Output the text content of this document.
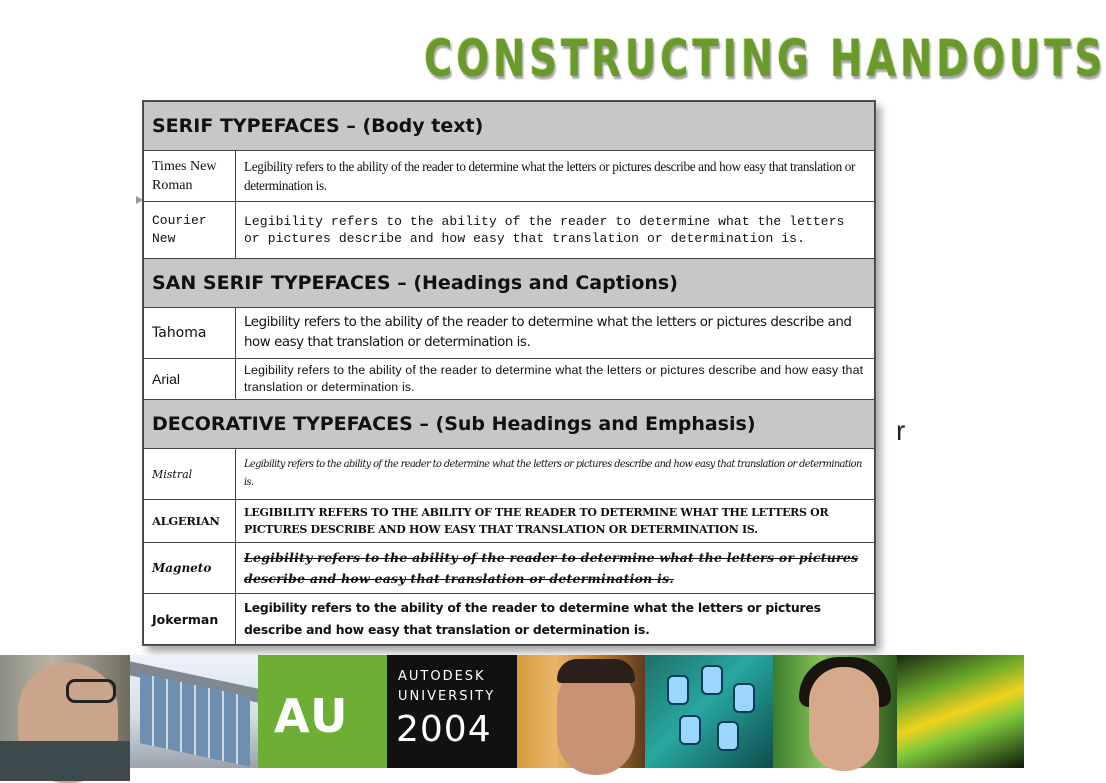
CONSTRUCTING HANDOUTS
r
SERIF TYPEFACES – (Body text)	
Times New Roman	Legibility refers to the ability of the reader to determine what the letters or pictures describe and how easy that translation or determination is.
Courier New	Legibility refers to the ability of the reader to determine what the letters or pictures describe and how easy that translation or determination is.
SAN SERIF TYPEFACES – (Headings and Captions)	
Tahoma	Legibility refers to the ability of the reader to determine what the letters or pictures describe and how easy that translation or determination is.
Arial	Legibility refers to the ability of the reader to determine what the letters or pictures describe and how easy that translation or determination is.
DECORATIVE TYPEFACES – (Sub Headings and Emphasis)	
Mistral	Legibility refers to the ability of the reader to determine what the letters or pictures describe and how easy that translation or determination is.
ALGERIAN	LEGIBILITY REFERS TO THE ABILITY OF THE READER TO DETERMINE WHAT THE LETTERS OR PICTURES DESCRIBE AND HOW EASY THAT TRANSLATION OR DETERMINATION IS.
Magneto	Legibility refers to the ability of the reader to determine what the letters or pictures describe and how easy that translation or determination is.
Jokerman	Legibility refers to the ability of the reader to determine what the letters or pictures describe and how easy that translation or determination is.
AU
AUTODESK
UNIVERSITY
2004
